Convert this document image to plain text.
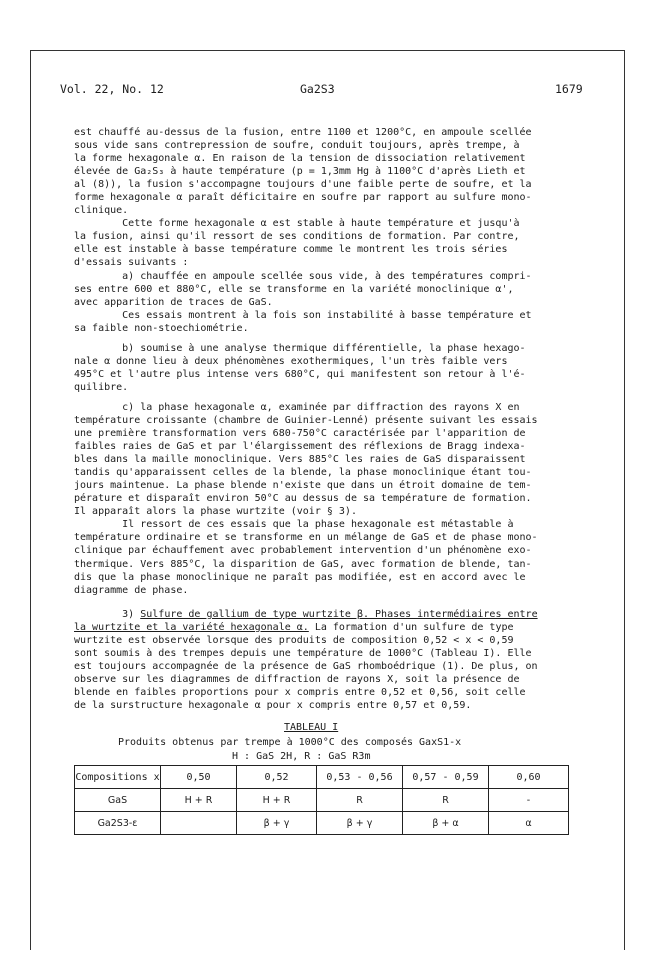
Vol. 22, No. 12	Ga2S3	1679
est chauffé au-dessus de la fusion, entre 1100 et 1200°C, en ampoule scellée
sous vide sans contrepression de soufre, conduit toujours, après trempe, à
la forme hexagonale α. En raison de la tension de dissociation relativement
élevée de Ga₂S₃ à haute température (p = 1,3mm Hg à 1100°C d'après Lieth et
al (8)), la fusion s'accompagne toujours d'une faible perte de soufre, et la
forme hexagonale α paraît déficitaire en soufre par rapport au sulfure mono-
clinique.
Cette forme hexagonale α est stable à haute température et jusqu'à
la fusion, ainsi qu'il ressort de ses conditions de formation. Par contre,
elle est instable à basse température comme le montrent les trois séries
d'essais suivants :
a) chauffée en ampoule scellée sous vide, à des températures compri-
ses entre 600 et 880°C, elle se transforme en la variété monoclinique α',
avec apparition de traces de GaS.
Ces essais montrent à la fois son instabilité à basse température et
sa faible non-stoechiométrie.
b) soumise à une analyse thermique différentielle, la phase hexago-
nale α donne lieu à deux phénomènes exothermiques, l'un très faible vers
495°C et l'autre plus intense vers 680°C, qui manifestent son retour à l'é-
quilibre.
c) la phase hexagonale α, examinée par diffraction des rayons X en
température croissante (chambre de Guinier-Lenné) présente suivant les essais
une première transformation vers 680-750°C caractérisée par l'apparition de
faibles raies de GaS et par l'élargissement des réflexions de Bragg indexa-
bles dans la maille monoclinique. Vers 885°C les raies de GaS disparaissent
tandis qu'apparaissent celles de la blende, la phase monoclinique étant tou-
jours maintenue. La phase blende n'existe que dans un étroit domaine de tem-
pérature et disparaît environ 50°C au dessus de sa température de formation.
Il apparaît alors la phase wurtzite (voir § 3).
Il ressort de ces essais que la phase hexagonale est métastable à
température ordinaire et se transforme en un mélange de GaS et de phase mono-
clinique par échauffement avec probablement intervention d'un phénomène exo-
thermique. Vers 885°C, la disparition de GaS, avec formation de blende, tan-
dis que la phase monoclinique ne paraît pas modifiée, est en accord avec le
diagramme de phase.
3) Sulfure de gallium de type wurtzite β. Phases intermédiaires entre
la wurtzite et la variété hexagonale α. La formation d'un sulfure de type
wurtzite est observée lorsque des produits de composition 0,52 < x < 0,59
sont soumis à des trempes depuis une température de 1000°C (Tableau I). Elle
est toujours accompagnée de la présence de GaS rhomboédrique (1). De plus, on
observe sur les diagrammes de diffraction de rayons X, soit la présence de
blende en faibles proportions pour x compris entre 0,52 et 0,56, soit celle
de la surstructure hexagonale α pour x compris entre 0,57 et 0,59.
TABLEAU I
Produits obtenus par trempe à 1000°C des composés GaxS1-x
H : GaS 2H, R : GaS R3m
Compositions x	0,50	0,52	0,53 - 0,56	0,57 - 0,59	0,60
GaS	H + R	H + R	R	R	-
Ga2S3-ε		β + γ	β + γ	β + α	α
